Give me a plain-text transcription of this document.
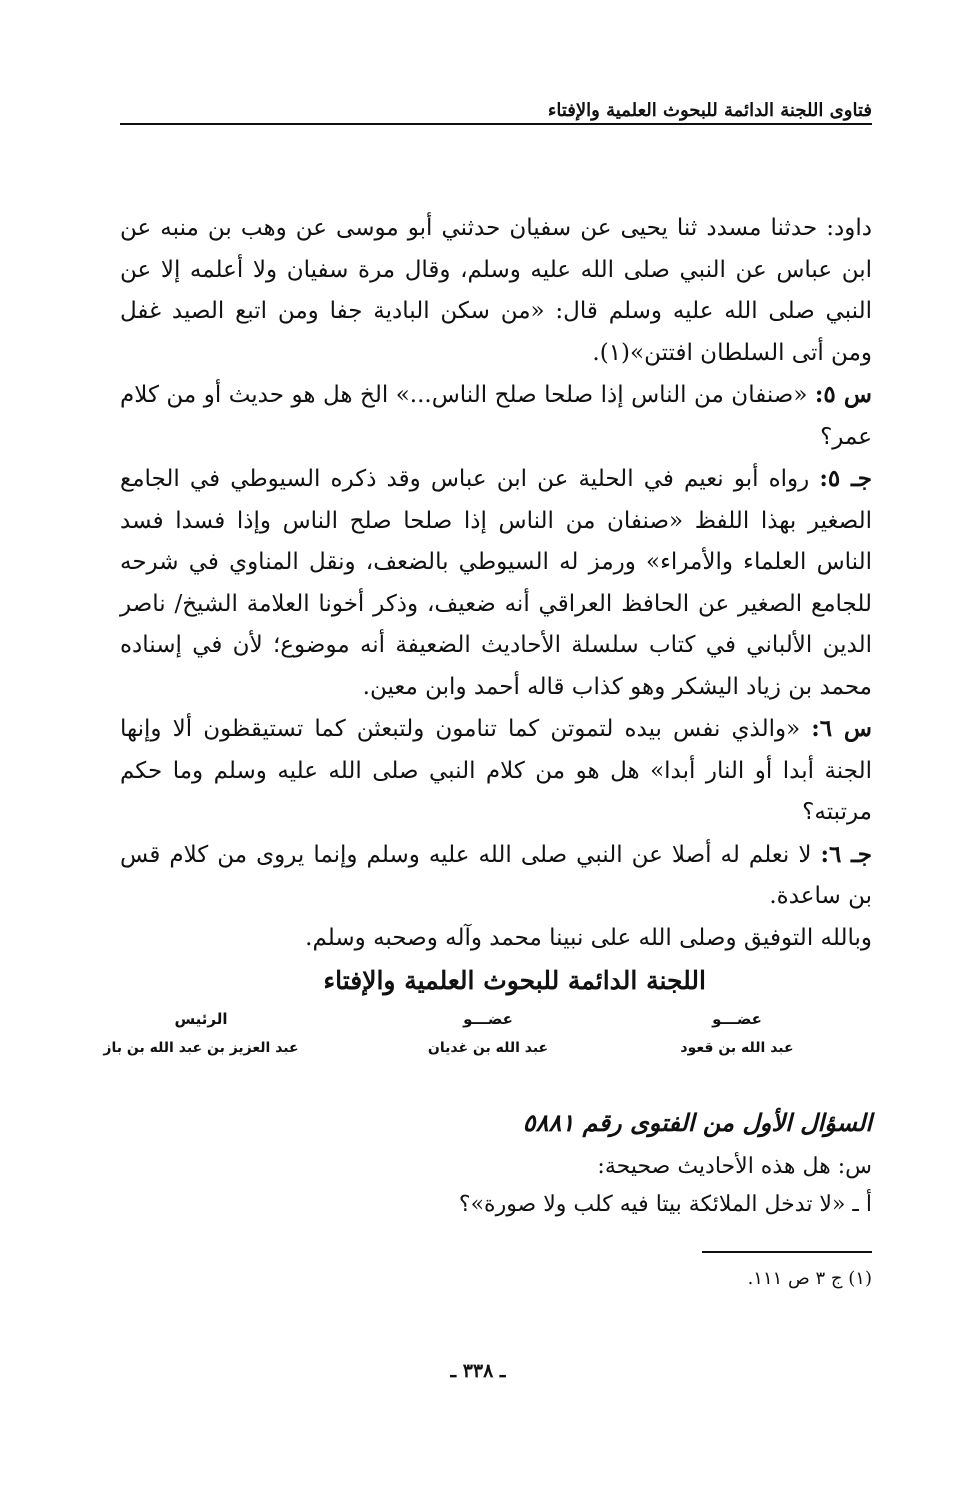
فتاوى اللجنة الدائمة للبحوث العلمية والإفتاء

داود: حدثنا مسدد ثنا يحيى عن سفيان حدثني أبو موسى عن وهب بن منبه عن ابن عباس عن النبي صلى الله عليه وسلم، وقال مرة سفيان ولا أعلمه إلا عن النبي صلى الله عليه وسلم قال: «من سكن البادية جفا ومن اتبع الصيد غفل ومن أتى السلطان افتتن»(١).

س ٥: «صنفان من الناس إذا صلحا صلح الناس...» الخ هل هو حديث أو من كلام عمر؟

جـ ٥: رواه أبو نعيم في الحلية عن ابن عباس وقد ذكره السيوطي في الجامع الصغير بهذا اللفظ «صنفان من الناس إذا صلحا صلح الناس وإذا فسدا فسد الناس العلماء والأمراء» ورمز له السيوطي بالضعف، ونقل المناوي في شرحه للجامع الصغير عن الحافظ العراقي أنه ضعيف، وذكر أخونا العلامة الشيخ/ ناصر الدين الألباني في كتاب سلسلة الأحاديث الضعيفة أنه موضوع؛ لأن في إسناده محمد بن زياد اليشكر وهو كذاب قاله أحمد وابن معين.

س ٦: «والذي نفس بيده لتموتن كما تنامون ولتبعثن كما تستيقظون ألا وإنها الجنة أبدا أو النار أبدا» هل هو من كلام النبي صلى الله عليه وسلم وما حكم مرتبته؟

جـ ٦: لا نعلم له أصلا عن النبي صلى الله عليه وسلم وإنما يروى من كلام قس بن ساعدة.

وبالله التوفيق وصلى الله على نبينا محمد وآله وصحبه وسلم.

اللجنة الدائمة للبحوث العلمية والإفتاء
عضـــو
عبد الله بن قعود
عضـــو
عبد الله بن غديان
الرئيس
عبد العزيز بن عبد الله بن باز
السؤال الأول من الفتوى رقم ٥٨٨١

س: هل هذه الأحاديث صحيحة:

أ ـ «لا تدخل الملائكة بيتا فيه كلب ولا صورة»؟

(١) ج ٣ ص ١١١.
ـ ٣٣٨ ـ
